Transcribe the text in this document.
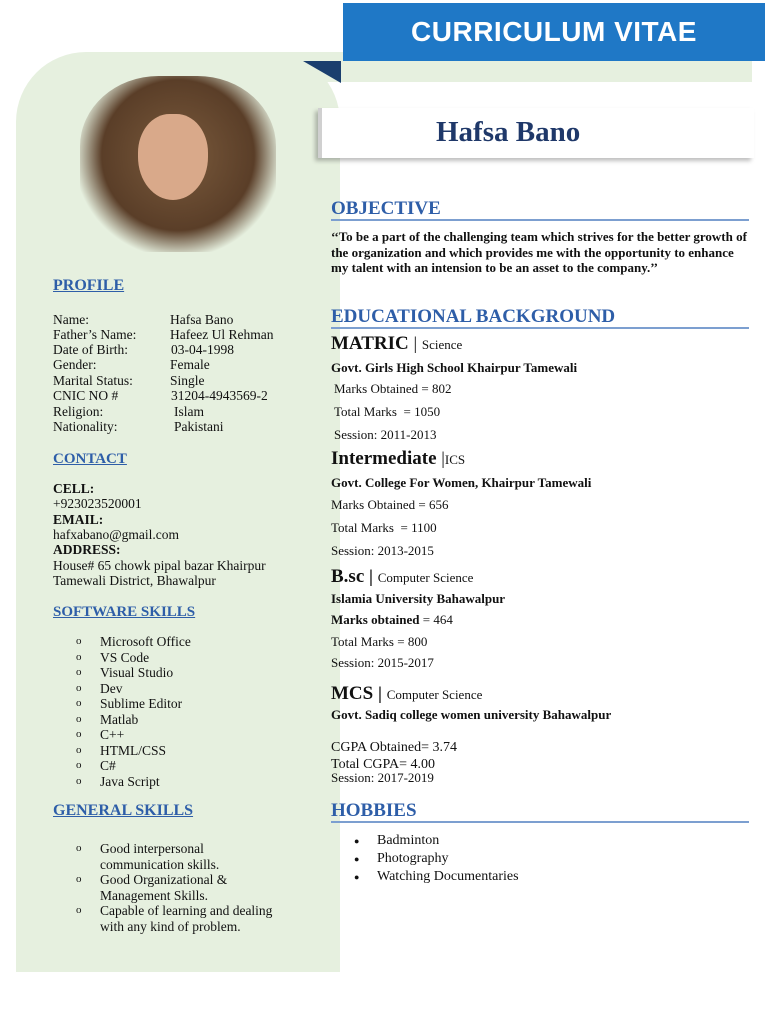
CURRICULUM VITAE
Hafsa Bano
PROFILE
Name:	Hafsa Bano
Father’s Name: Hafeez Ul Rehman
Date of Birth:	03-04-1998
Gender:	Female
Marital Status:	Single
CNIC NO #	31204-4943569-2
Religion:	Islam
Nationality:	Pakistani
CONTACT
CELL:
+923023520001
EMAIL:
hafxabano@gmail.com
ADDRESS:
House# 65 chowk pipal bazar Khairpur
Tamewali District, Bhawalpur
SOFTWARE SKILLS
o Microsoft Office
o VS Code
o Visual Studio
o Dev
o Sublime Editor
o Matlab
o C++
o HTML/CSS
o C#
o Java Script
GENERAL SKILLS
o Good interpersonal
communication skills.
o Good Organizational &
Management Skills.
o Capable of learning and dealing
with any kind of problem.
OBJECTIVE
‘‘To be a part of the challenging team which strives for the better growth of the organization and which provides me with the opportunity to enhance my talent with an intension to be an asset to the company.’’
EDUCATIONAL BACKGROUND
MATRIC | Science
Govt. Girls High School Khairpur Tamewali
Marks Obtained = 802
Total Marks  = 1050
Session: 2011-2013
Intermediate |ICS
Govt. College For Women, Khairpur Tamewali
Marks Obtained = 656
Total Marks  = 1100
Session: 2013-2015
B.sc | Computer Science
Islamia University Bahawalpur
Marks obtained = 464
Total Marks = 800
Session: 2015-2017
MCS | Computer Science
Govt. Sadiq college women university Bahawalpur
CGPA Obtained= 3.74
Total CGPA= 4.00
Session: 2017-2019
HOBBIES
● Badminton
● Photography
● Watching Documentaries
